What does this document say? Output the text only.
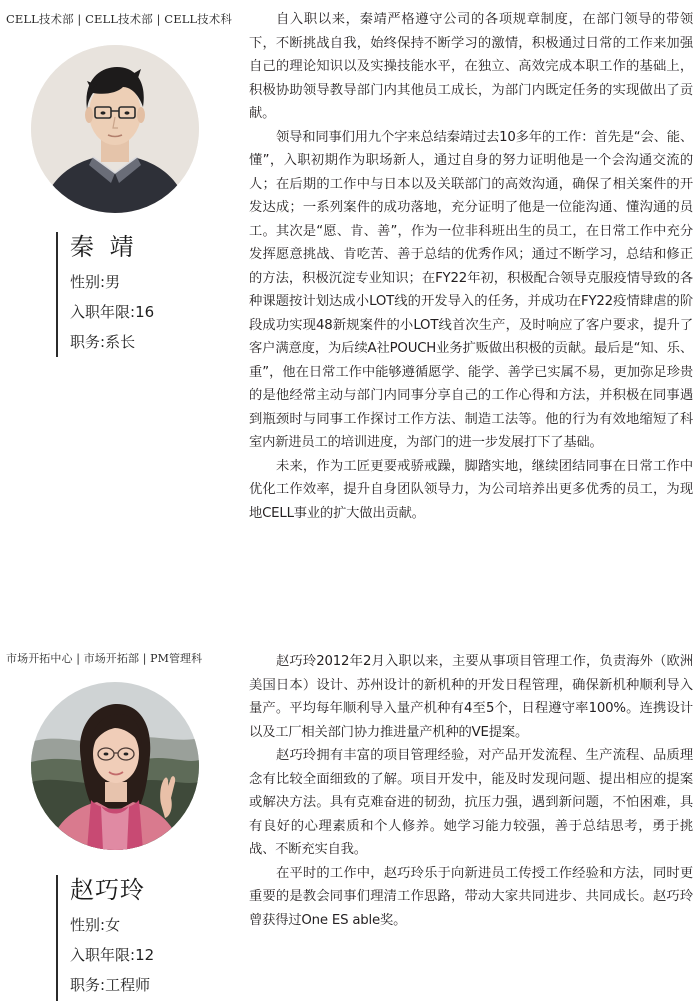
CELL技术部 | CELL技术部 | CELL技术科
秦 靖
性别 : 男
入职年限 : 16
职务 : 系长

自入职以来，秦靖严格遵守公司的各项规章制度，在部门领导的带领下，不断挑战自我，始终保持不断学习的激情，积极通过日常的工作来加强自己的理论知识以及实操技能水平，在独立、高效完成本职工作的基础上，积极协助领导教导部门内其他员工成长，为部门内既定任务的实现做出了贡献。

领导和同事们用九个字来总结秦靖过去10多年的工作：首先是“会、能、懂”，入职初期作为职场新人，通过自身的努力证明他是一个会沟通交流的人；在后期的工作中与日本以及关联部门的高效沟通，确保了相关案件的开发达成；一系列案件的成功落地，充分证明了他是一位能沟通、懂沟通的员工。其次是“愿、肯、善”，作为一位非科班出生的员工，在日常工作中充分发挥愿意挑战、肯吃苦、善于总结的优秀作风；通过不断学习，总结和修正的方法，积极沉淀专业知识；在FY22年初，积极配合领导克服疫情导致的各种课题按计划达成小LOT线的开发导入的任务，并成功在FY22疫情肆虐的阶段成功实现48新规案件的小LOT线首次生产，及时响应了客户要求，提升了客户满意度，为后续A社POUCH业务扩贩做出积极的贡献。最后是“知、乐、重”，他在日常工作中能够遵循愿学、能学、善学已实属不易，更加弥足珍贵的是他经常主动与部门内同事分享自己的工作心得和方法，并积极在同事遇到瓶颈时与同事工作探讨工作方法、制造工法等。他的行为有效地缩短了科室内新进员工的培训进度，为部门的进一步发展打下了基础。

未来，作为工匠更要戒骄戒躁，脚踏实地，继续团结同事在日常工作中优化工作效率，提升自身团队领导力，为公司培养出更多优秀的员工，为现地CELL事业的扩大做出贡献。

市场开拓中心 | 市场开拓部 | PM管理科
赵巧玲
性别 : 女
入职年限 : 12
职务 : 工程师

赵巧玲2012年2月入职以来，主要从事项目管理工作，负责海外（欧洲美国日本）设计、苏州设计的新机种的开发日程管理，确保新机种顺利导入量产。平均每年顺利导入量产机种有4至5个，日程遵守率100%。连携设计以及工厂相关部门协力推进量产机种的VE提案。

赵巧玲拥有丰富的项目管理经验，对产品开发流程、生产流程、品质理念有比较全面细致的了解。项目开发中，能及时发现问题、提出相应的提案或解决方法。具有克难奋进的韧劲，抗压力强，遇到新问题，不怕困难，具有良好的心理素质和个人修养。她学习能力较强，善于总结思考，勇于挑战、不断充实自我。

在平时的工作中，赵巧玲乐于向新进员工传授工作经验和方法，同时更重要的是教会同事们理清工作思路，带动大家共同进步、共同成长。赵巧玲曾获得过One ES able奖。
